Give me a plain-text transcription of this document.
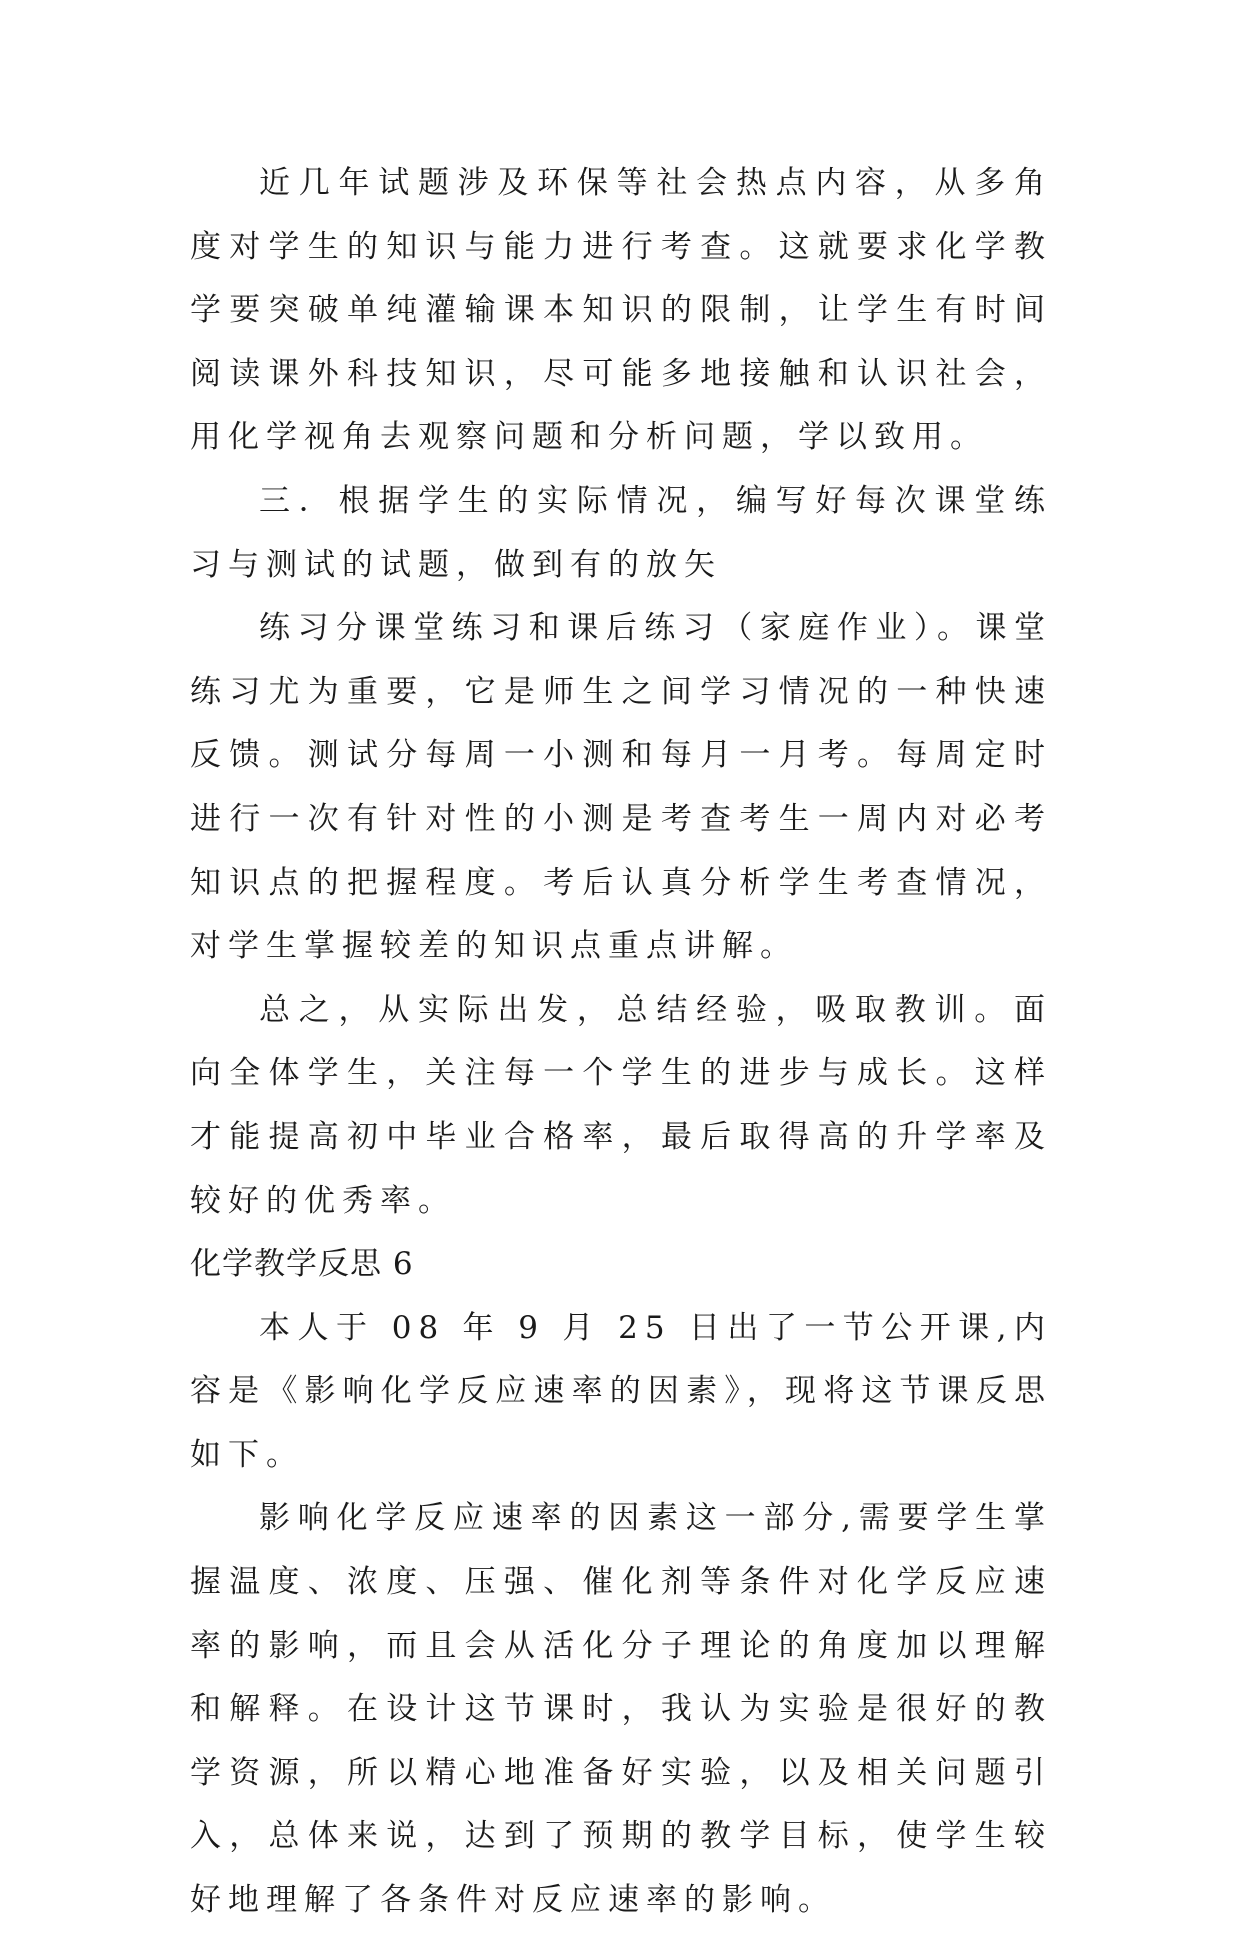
近几年试题涉及环保等社会热点内容，从多角度对学生的知识与能力进行考查。这就要求化学教学要突破单纯灌输课本知识的限制，让学生有时间阅读课外科技知识，尽可能多地接触和认识社会，用化学视角去观察问题和分析问题，学以致用。

三．根据学生的实际情况，编写好每次课堂练习与测试的试题，做到有的放矢

练习分课堂练习和课后练习（家庭作业）。课堂练习尤为重要，它是师生之间学习情况的一种快速反馈。测试分每周一小测和每月一月考。每周定时进行一次有针对性的小测是考查考生一周内对必考知识点的把握程度。考后认真分析学生考查情况，对学生掌握较差的知识点重点讲解。

总之，从实际出发，总结经验，吸取教训。面向全体学生，关注每一个学生的进步与成长。这样才能提高初中毕业合格率，最后取得高的升学率及较好的优秀率。

化学教学反思 6

本人于 08 年 9 月 25 日出了一节公开课,内容是《影响化学反应速率的因素》，现将这节课反思如下。

影响化学反应速率的因素这一部分,需要学生掌握温度、浓度、压强、催化剂等条件对化学反应速率的影响，而且会从活化分子理论的角度加以理解和解释。在设计这节课时，我认为实验是很好的教学资源，所以精心地准备好实验，以及相关问题引入，总体来说，达到了预期的教学目标，使学生较好地理解了各条件对反应速率的影响。
